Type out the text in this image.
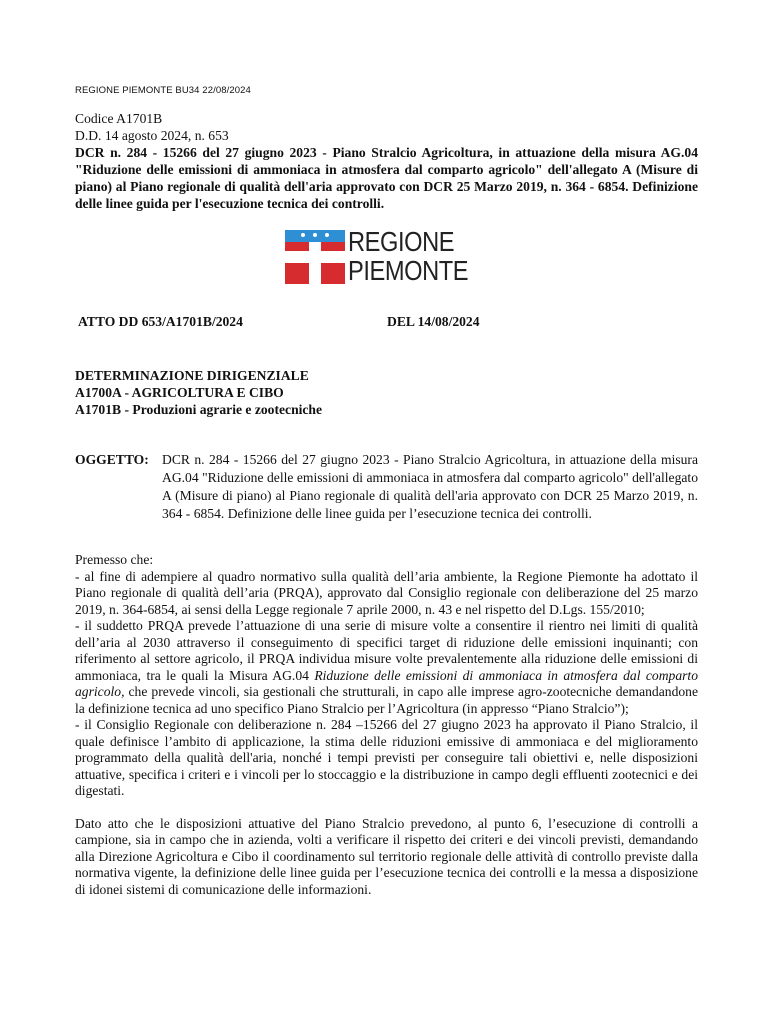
REGIONE PIEMONTE BU34 22/08/2024
Codice A1701B
D.D. 14 agosto 2024, n. 653
DCR n. 284 - 15266 del 27 giugno 2023 - Piano Stralcio Agricoltura, in attuazione della misura AG.04 "Riduzione delle emissioni di ammoniaca in atmosfera dal comparto agricolo" dell'allegato A (Misure di piano) al Piano regionale di qualità dell'aria approvato con DCR 25 Marzo 2019, n. 364 - 6854. Definizione delle linee guida per l'esecuzione tecnica dei controlli.
REGIONE
PIEMONTE
ATTO DD 653/A1701B/2024	DEL 14/08/2024
DETERMINAZIONE DIRIGENZIALE
A1700A - AGRICOLTURA E CIBO
A1701B - Produzioni agrarie e zootecniche
OGGETTO: DCR n. 284 - 15266 del 27 giugno 2023 - Piano Stralcio Agricoltura, in attuazione della misura AG.04 "Riduzione delle emissioni di ammoniaca in atmosfera dal comparto agricolo" dell'allegato A (Misure di piano) al Piano regionale di qualità dell'aria approvato con DCR 25 Marzo 2019, n. 364 - 6854. Definizione delle linee guida per l’esecuzione tecnica dei controlli.

Premesso che:

- al fine di adempiere al quadro normativo sulla qualità dell’aria ambiente, la Regione Piemonte ha adottato il Piano regionale di qualità dell’aria (PRQA), approvato dal Consiglio regionale con deliberazione del 25 marzo 2019, n. 364-6854, ai sensi della Legge regionale 7 aprile 2000, n. 43 e nel rispetto del D.Lgs. 155/2010;

- il suddetto PRQA prevede l’attuazione di una serie di misure volte a consentire il rientro nei limiti di qualità dell’aria al 2030 attraverso il conseguimento di specifici target di riduzione delle emissioni inquinanti; con riferimento al settore agricolo, il PRQA individua misure volte prevalentemente alla riduzione delle emissioni di ammoniaca, tra le quali la Misura AG.04 Riduzione delle emissioni di ammoniaca in atmosfera dal comparto agricolo, che prevede vincoli, sia gestionali che strutturali, in capo alle imprese agro-zootecniche demandandone la definizione tecnica ad uno specifico Piano Stralcio per l’Agricoltura (in appresso “Piano Stralcio”);

- il Consiglio Regionale con deliberazione n. 284 –15266 del 27 giugno 2023 ha approvato il Piano Stralcio, il quale definisce l’ambito di applicazione, la stima delle riduzioni emissive di ammoniaca e del miglioramento programmato della qualità dell'aria, nonché i tempi previsti per conseguire tali obiettivi e, nelle disposizioni attuative, specifica i criteri e i vincoli per lo stoccaggio e la distribuzione in campo degli effluenti zootecnici e dei digestati.

Dato atto che le disposizioni attuative del Piano Stralcio prevedono, al punto 6, l’esecuzione di controlli a campione, sia in campo che in azienda, volti a verificare il rispetto dei criteri e dei vincoli previsti, demandando alla Direzione Agricoltura e Cibo il coordinamento sul territorio regionale delle attività di controllo previste dalla normativa vigente, la definizione delle linee guida per l’esecuzione tecnica dei controlli e la messa a disposizione di idonei sistemi di comunicazione delle informazioni.
